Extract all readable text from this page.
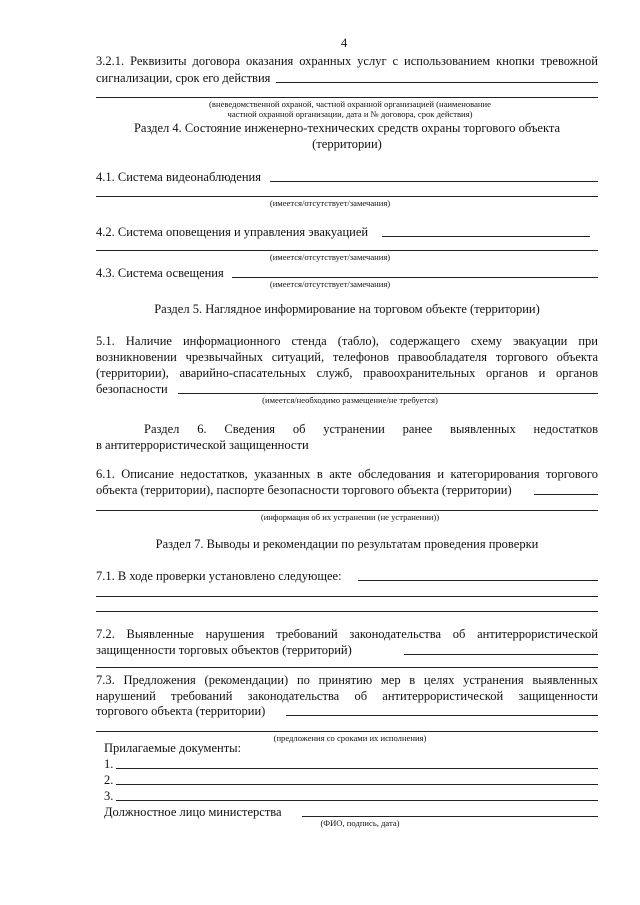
4
3.2.1. Реквизиты договора оказания охранных услуг с использованием кнопки тревожной
сигнализации, срок его действия
(вневедомственной охраной, частной охранной организацией (наименование
частной охранной организации, дата и № договора, срок действия)
Раздел 4. Состояние инженерно-технических средств охраны торгового объекта
(территории)
4.1. Система видеонаблюдения
(имеется/отсутствует/замечания)
4.2. Система оповещения и управления эвакуацией
(имеется/отсутствует/замечания)
4.3. Система освещения
(имеется/отсутствует/замечания)
Раздел 5. Наглядное информирование на торговом объекте (территории)
5.1. Наличие информационного стенда (табло), содержащего схему эвакуации при
возникновении чрезвычайных ситуаций, телефонов правообладателя торгового объекта
(территории), аварийно-спасательных служб, правоохранительных органов и органов
безопасности
(имеется/необходимо размещение/не требуется)
Раздел 6. Сведения об устранении ранее выявленных недостатков
в антитеррористической защищенности
6.1. Описание недостатков, указанных в акте обследования и категорирования торгового
объекта (территории), паспорте безопасности торгового объекта (территории)
(информация об их устранении (не устранении))
Раздел 7. Выводы и рекомендации по результатам проведения проверки
7.1. В ходе проверки установлено следующее:
7.2. Выявленные нарушения требований законодательства об антитеррористической
защищенности торговых объектов (территорий)
7.3. Предложения (рекомендации) по принятию мер в целях устранения выявленных
нарушений требований законодательства об антитеррористической защищенности
торгового объекта (территории)
(предложения со сроками их исполнения)
Прилагаемые документы:
1.
2.
3.
Должностное лицо министерства
(ФИО, подпись, дата)
